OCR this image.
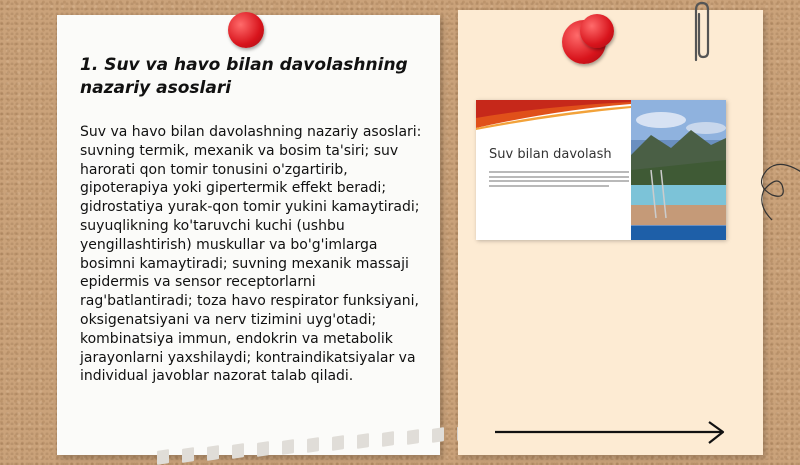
1. Suv va havo bilan davolashning nazariy asoslari
Suv va havo bilan davolashning nazariy asoslari: suvning termik, mexanik va bosim ta'siri; suv harorati qon tomir tonusini o'zgartirib, gipoterapiya yoki gipertermik effekt beradi; gidrostatiya yurak-qon tomir yukini kamaytiradi; suyuqlikning ko'taruvchi kuchi (ushbu yengillashtirish) muskullar va bo'g'imlarga bosimni kamaytiradi; suvning mexanik massaji epidermis va sensor receptorlarni rag'batlantiradi; toza havo respirator funksiyani, oksigenatsiyani va nerv tizimini uyg'otadi; kombinatsiya immun, endokrin va metabolik jarayonlarni yaxshilaydi; kontraindikatsiyalar va individual javoblar nazorat talab qiladi.
Suv bilan davolash
